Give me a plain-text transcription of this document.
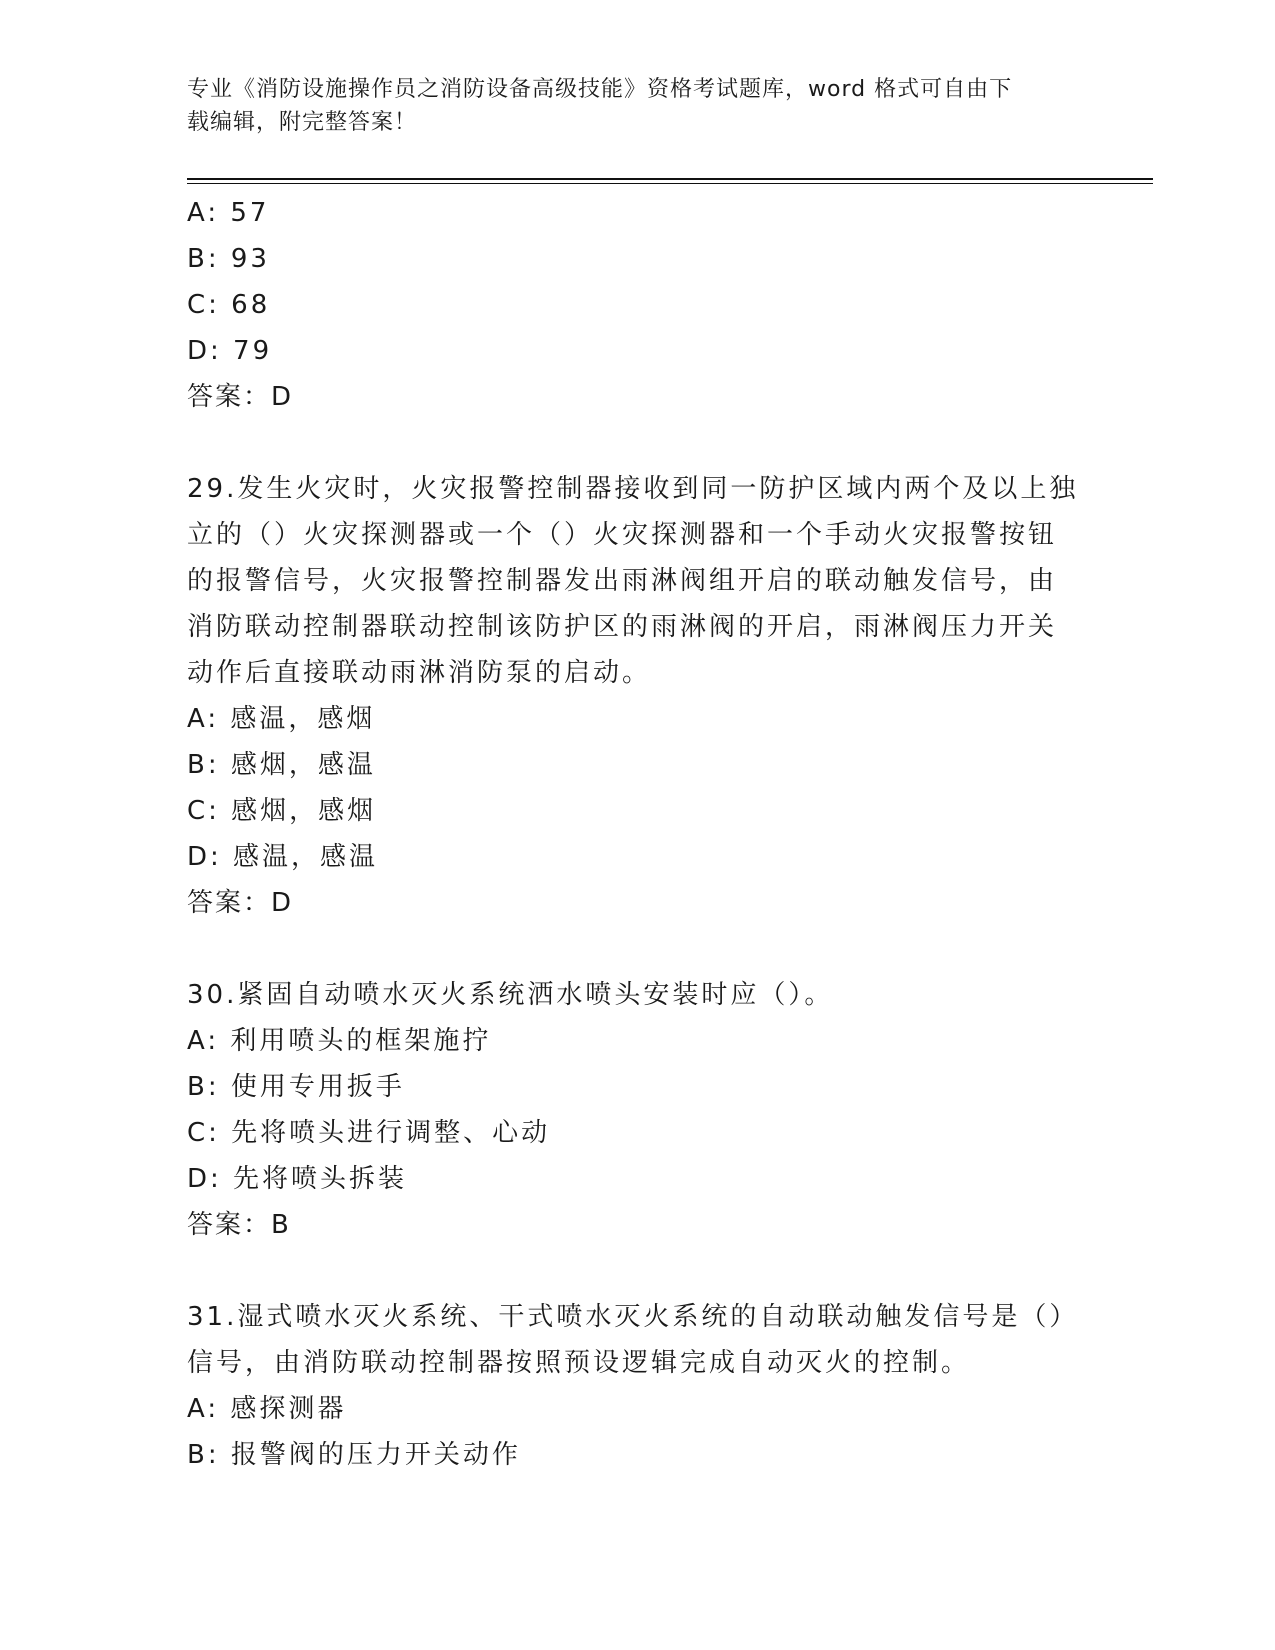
专业《消防设施操作员之消防设备高级技能》资格考试题库，word 格式可自由下
载编辑，附完整答案！
A: 57
B: 93
C: 68
D: 79
答案：D
29.发生火灾时，火灾报警控制器接收到同一防护区域内两个及以上独
立的（）火灾探测器或一个（）火灾探测器和一个手动火灾报警按钮
的报警信号，火灾报警控制器发出雨淋阀组开启的联动触发信号，由
消防联动控制器联动控制该防护区的雨淋阀的开启，雨淋阀压力开关
动作后直接联动雨淋消防泵的启动。
A: 感温，感烟
B: 感烟，感温
C: 感烟，感烟
D: 感温，感温
答案：D
30.紧固自动喷水灭火系统洒水喷头安装时应（）。
A: 利用喷头的框架施拧
B: 使用专用扳手
C: 先将喷头进行调整、心动
D: 先将喷头拆装
答案：B
31.湿式喷水灭火系统、干式喷水灭火系统的自动联动触发信号是（）
信号，由消防联动控制器按照预设逻辑完成自动灭火的控制。
A: 感探测器
B: 报警阀的压力开关动作
